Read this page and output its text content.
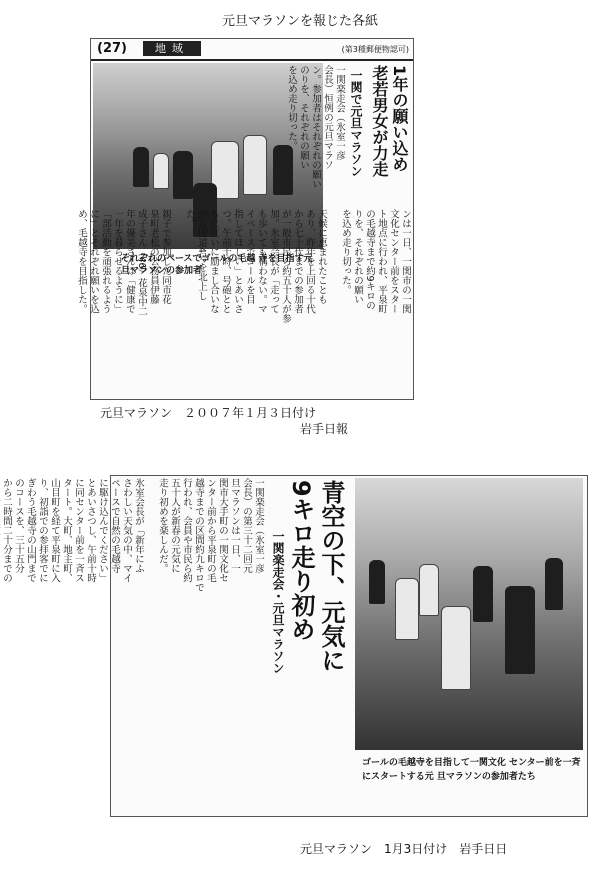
元旦マラソンを報じた各紙
(27)	地域	(第3種郵便物認可)
それぞれのペースでゴールの毛越 寺を目指す元旦マラソンの参加者
1年の願い込め
老若男女が力走
一関で元旦マラソン
一関楽走会（氷室一彦
会長）恒例の元旦マラソ
ン。参加者はそれぞれの願い
のりを、それぞれの願い
を込め走り切った。
ンは一日、一関市の一関
文化センター前をスター
ト地点に行われ、平泉町
の毛越寺まで約9キロの
りを、それぞれの願い
を込め走り切った。

天候に恵まれたことも
あり、昨年を上回る十代
から七十代までの参加者
が一般市民ら約五十人が参
加。氷室会長が「走って
も歩いても構わない。マ
イペースでゴールを目
指してほしい」とあいさ
つ。午前十時、号砲とと
もに互いに励まし合いな
がら国道4号を北上し
た。

親子で参加した同市花
泉町老松の公務員伊藤
成子さん（46）花泉中二
年の優美さんは「健康で
一年を暮らせるように」
「部活動を頑張れるよう
に」とそれぞれ願いを込
め、毛越寺を目指した。
元旦マラソン　２００７年１月３日付け
岩手日報
ゴールの毛越寺を目指して一関文化 センター前を一斉にスタートする元 旦マラソンの参加者たち
青空の下、元気に
9キロ走り初め
一関楽走会・元旦マラソン
一関楽走会（氷室一彦
会長）の第三十二回元
旦マラソンは一日、一
関市大手町の一関文化セ
ンター前から平泉町の毛
越寺までの区間約九キロで
行われ、会員や市民ら約
五十人が新春の元気に
走り初めを楽しんだ。

氷室会長が「新年にふ
さわしい天気の中、マイ
ペースで自然の毛越寺
に駆け込んでください」
とあいさつし、午前十時
に同センター前を一斉ス
タート。大町、地主町、
山目町を経て平泉町に入
り、初詣での参拝客でに
ぎわう毛越寺の山門まで
のコースを、三十五分
から二時間二十分までの

元旦マラソン　1月3日付け　岩手日日
